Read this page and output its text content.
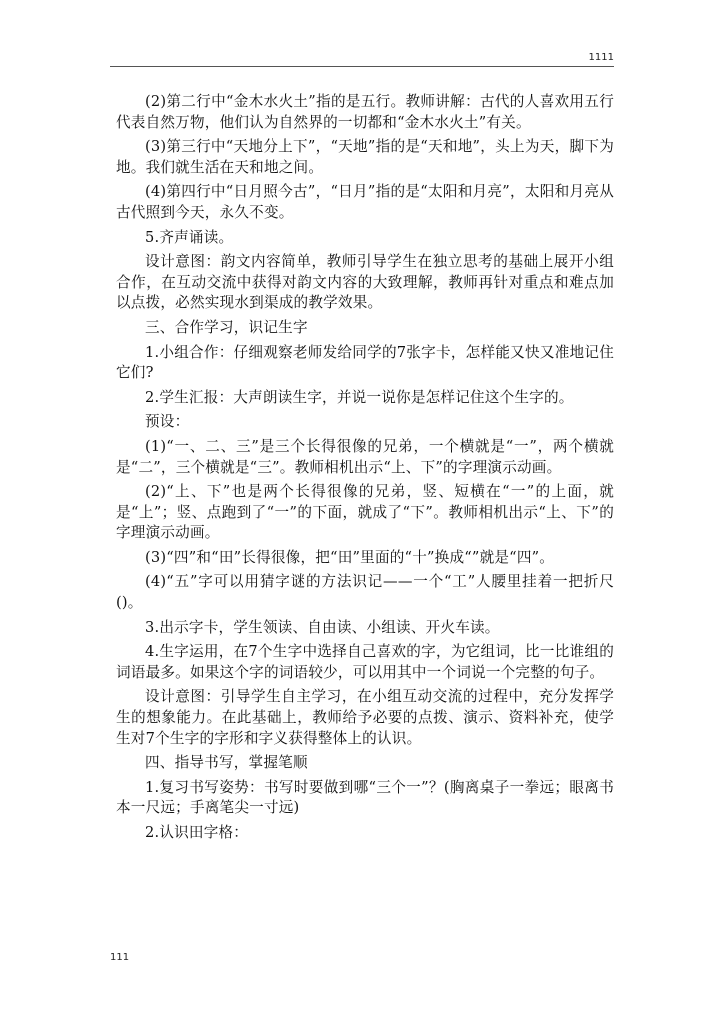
1111

(2)第二行中“金木水火土”指的是五行。教师讲解：古代的人喜欢用五行代表自然万物，他们认为自然界的一切都和“金木水火土”有关。

(3)第三行中“天地分上下”，“天地”指的是“天和地”，头上为天，脚下为地。我们就生活在天和地之间。

(4)第四行中“日月照今古”，“日月”指的是“太阳和月亮”，太阳和月亮从古代照到今天，永久不变。

5.齐声诵读。

设计意图：韵文内容简单，教师引导学生在独立思考的基础上展开小组合作，在互动交流中获得对韵文内容的大致理解，教师再针对重点和难点加以点拨，必然实现水到渠成的教学效果。

三、合作学习，识记生字

1.小组合作：仔细观察老师发给同学的7张字卡，怎样能又快又准地记住它们?

2.学生汇报：大声朗读生字，并说一说你是怎样记住这个生字的。

预设：

(1)“一、二、三”是三个长得很像的兄弟，一个横就是“一”，两个横就是“二”，三个横就是“三”。教师相机出示“上、下”的字理演示动画。

(2)“上、下”也是两个长得很像的兄弟，竖、短横在“一”的上面，就是“上”；竖、点跑到了“一”的下面，就成了“下”。教师相机出示“上、下”的字理演示动画。

(3)“四”和“田”长得很像，把“田”里面的“十”换成“”就是“四”。

(4)“五”字可以用猜字谜的方法识记——一个“工”人腰里挂着一把折尺()。

3.出示字卡，学生领读、自由读、小组读、开火车读。

4.生字运用，在7个生字中选择自己喜欢的字，为它组词，比一比谁组的词语最多。如果这个字的词语较少，可以用其中一个词说一个完整的句子。

设计意图：引导学生自主学习，在小组互动交流的过程中，充分发挥学生的想象能力。在此基础上，教师给予必要的点拨、演示、资料补充，使学生对7个生字的字形和字义获得整体上的认识。

四、指导书写，掌握笔顺

1.复习书写姿势：书写时要做到哪“三个一”？(胸离桌子一拳远；眼离书本一尺远；手离笔尖一寸远)

2.认识田字格：

111
